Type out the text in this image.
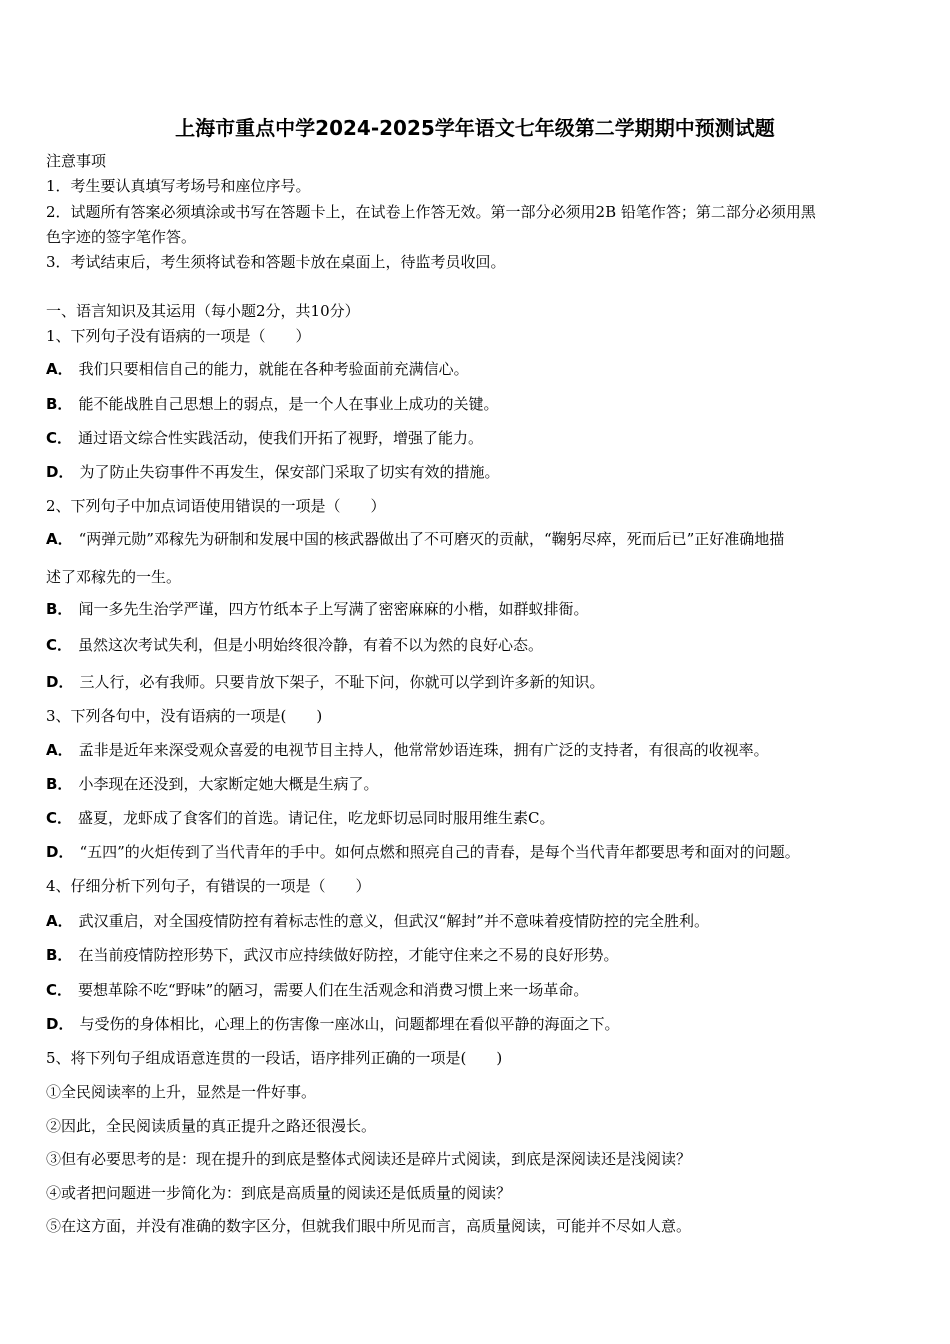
上海市重点中学2024-2025学年语文七年级第二学期期中预测试题
注意事项
1．考生要认真填写考场号和座位序号。
2．试题所有答案必须填涂或书写在答题卡上，在试卷上作答无效。第一部分必须用2B 铅笔作答；第二部分必须用黑
色字迹的签字笔作答。
3．考试结束后，考生须将试卷和答题卡放在桌面上，待监考员收回。
一、语言知识及其运用（每小题2分，共10分）
1、下列句子没有语病的一项是（　　）
A． 我们只要相信自己的能力，就能在各种考验面前充满信心。
B． 能不能战胜自己思想上的弱点，是一个人在事业上成功的关键。
C． 通过语文综合性实践活动，使我们开拓了视野，增强了能力。
D． 为了防止失窃事件不再发生，保安部门采取了切实有效的措施。
2、下列句子中加点词语使用错误的一项是（　　）
A． “两弹元勋”邓稼先为研制和发展中国的核武器做出了不可磨灭的贡献，“鞠躬尽瘁，死而后已”正好准确地描
述了邓稼先的一生。
B． 闻一多先生治学严谨，四方竹纸本子上写满了密密麻麻的小楷，如群蚁排衙。
C． 虽然这次考试失利，但是小明始终很冷静，有着不以为然的良好心态。
D． 三人行，必有我师。只要肯放下架子，不耻下问，你就可以学到许多新的知识。
3、下列各句中，没有语病的一项是(　　)
A． 孟非是近年来深受观众喜爱的电视节目主持人，他常常妙语连珠，拥有广泛的支持者，有很高的收视率。
B． 小李现在还没到，大家断定她大概是生病了。
C． 盛夏，龙虾成了食客们的首选。请记住，吃龙虾切忌同时服用维生素C。
D． “五四”的火炬传到了当代青年的手中。如何点燃和照亮自己的青春，是每个当代青年都要思考和面对的问题。
4、仔细分析下列句子，有错误的一项是（　　）
A． 武汉重启，对全国疫情防控有着标志性的意义，但武汉“解封”并不意味着疫情防控的完全胜利。
B． 在当前疫情防控形势下，武汉市应持续做好防控，才能守住来之不易的良好形势。
C． 要想革除不吃“野味”的陋习，需要人们在生活观念和消费习惯上来一场革命。
D． 与受伤的身体相比，心理上的伤害像一座冰山，问题都埋在看似平静的海面之下。
5、将下列句子组成语意连贯的一段话，语序排列正确的一项是(　　)
①全民阅读率的上升，显然是一件好事。
②因此，全民阅读质量的真正提升之路还很漫长。
③但有必要思考的是：现在提升的到底是整体式阅读还是碎片式阅读，到底是深阅读还是浅阅读？
④或者把问题进一步简化为：到底是高质量的阅读还是低质量的阅读？
⑤在这方面，并没有准确的数字区分，但就我们眼中所见而言，高质量阅读，可能并不尽如人意。
